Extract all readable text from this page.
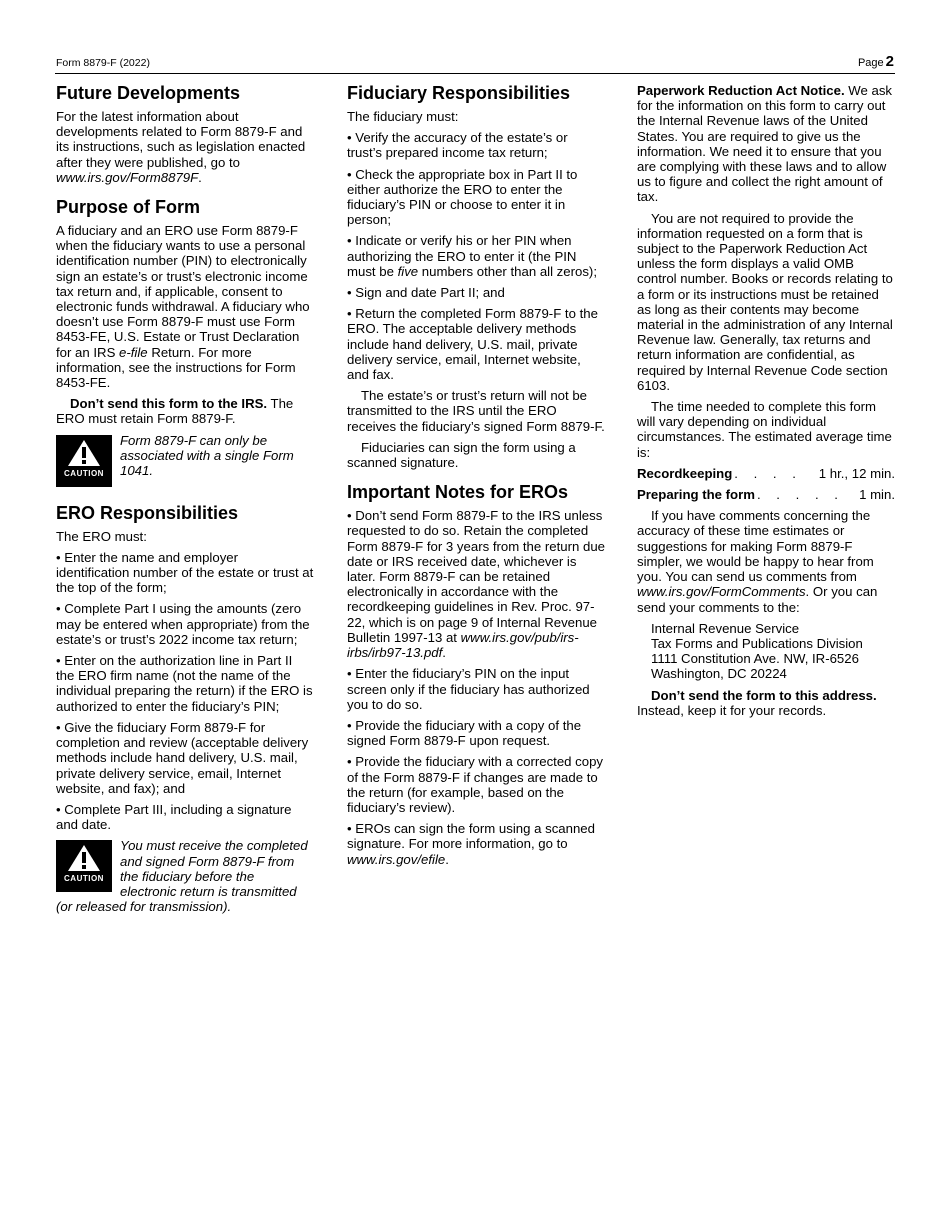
Form 8879-F (2022)	Page 2
Future Developments

For the latest information about developments related to Form 8879-F and its instructions, such as legislation enacted after they were published, go to www.irs.gov/Form8879F.

Purpose of Form

A fiduciary and an ERO use Form 8879-F when the fiduciary wants to use a personal identification number (PIN) to electronically sign an estate’s or trust’s electronic income tax return and, if applicable, consent to electronic funds withdrawal. A fiduciary who doesn’t use Form 8879-F must use Form 8453-FE, U.S. Estate or Trust Declaration for an IRS e-file Return. For more information, see the instructions for Form 8453-FE.

Don’t send this form to the IRS. The ERO must retain Form 8879-F.

CAUTION
Form 8879-F can only be associated with a single Form 1041.
ERO Responsibilities

The ERO must:

• Enter the name and employer identification number of the estate or trust at the top of the form;

• Complete Part I using the amounts (zero may be entered when appropriate) from the estate’s or trust’s 2022 income tax return;

• Enter on the authorization line in Part II the ERO firm name (not the name of the individual preparing the return) if the ERO is authorized to enter the fiduciary’s PIN;

• Give the fiduciary Form 8879-F for completion and review (acceptable delivery methods include hand delivery, U.S. mail, private delivery service, email, Internet website, and fax); and

• Complete Part III, including a signature and date.

CAUTION
You must receive the completed and signed Form 8879-F from the fiduciary before the electronic return is transmitted (or released for transmission).
Fiduciary Responsibilities

The fiduciary must:

• Verify the accuracy of the estate’s or trust’s prepared income tax return;

• Check the appropriate box in Part II to either authorize the ERO to enter the fiduciary’s PIN or choose to enter it in person;

• Indicate or verify his or her PIN when authorizing the ERO to enter it (the PIN must be five numbers other than all zeros);

• Sign and date Part II; and

• Return the completed Form 8879-F to the ERO. The acceptable delivery methods include hand delivery, U.S. mail, private delivery service, email, Internet website, and fax.

The estate’s or trust’s return will not be transmitted to the IRS until the ERO receives the fiduciary’s signed Form 8879-F.

Fiduciaries can sign the form using a scanned signature.

Important Notes for EROs

• Don’t send Form 8879-F to the IRS unless requested to do so. Retain the completed Form 8879-F for 3 years from the return due date or IRS received date, whichever is later. Form 8879-F can be retained electronically in accordance with the recordkeeping guidelines in Rev. Proc. 97-22, which is on page 9 of Internal Revenue Bulletin 1997-13 at www.irs.gov/pub/irs-irbs/irb97-13.pdf.

• Enter the fiduciary’s PIN on the input screen only if the fiduciary has authorized you to do so.

• Provide the fiduciary with a copy of the signed Form 8879-F upon request.

• Provide the fiduciary with a corrected copy of the Form 8879-F if changes are made to the return (for example, based on the fiduciary’s review).

• EROs can sign the form using a scanned signature. For more information, go to www.irs.gov/efile.

Paperwork Reduction Act Notice. We ask for the information on this form to carry out the Internal Revenue laws of the United States. You are required to give us the information. We need it to ensure that you are complying with these laws and to allow us to figure and collect the right amount of tax.

You are not required to provide the information requested on a form that is subject to the Paperwork Reduction Act unless the form displays a valid OMB control number. Books or records relating to a form or its instructions must be retained as long as their contents may become material in the administration of any Internal Revenue law. Generally, tax returns and return information are confidential, as required by Internal Revenue Code section 6103.

The time needed to complete this form will vary depending on individual circumstances. The estimated average time is:

Recordkeeping . . . .	1 hr., 12 min.
Preparing the form . . . . .	1 min.

If you have comments concerning the accuracy of these time estimates or suggestions for making Form 8879-F simpler, we would be happy to hear from you. You can send us comments from www.irs.gov/FormComments. Or you can send your comments to the:

Internal Revenue Service
Tax Forms and Publications Division
1111 Constitution Ave. NW, IR-6526
Washington, DC 20224

Don’t send the form to this address. Instead, keep it for your records.
